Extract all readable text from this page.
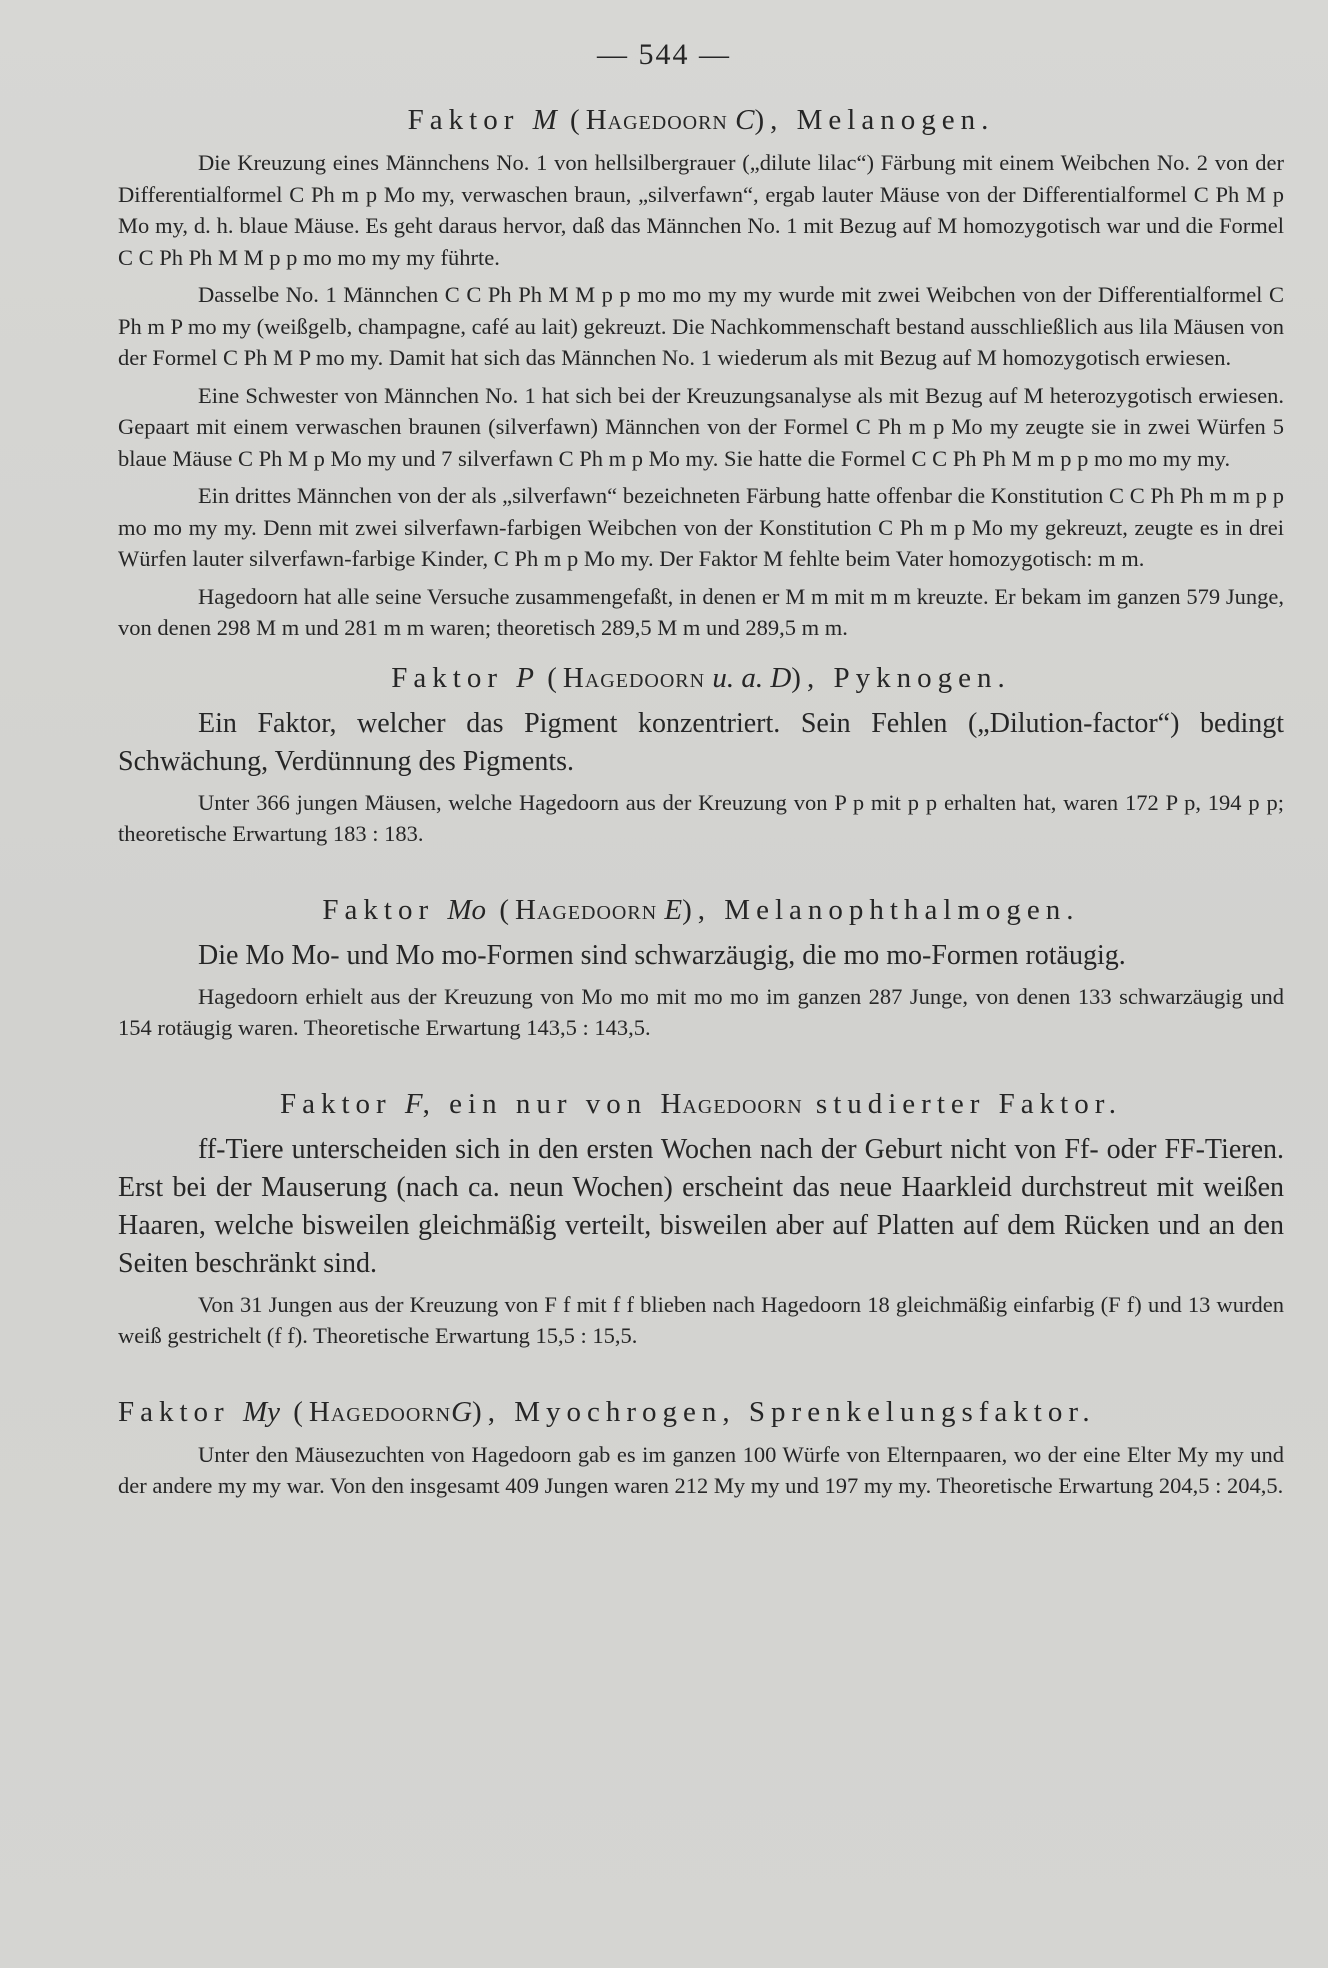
— 544 —
Faktor M (Hagedoorn C), Melanogen.

Die Kreuzung eines Männchens No. 1 von hellsilbergrauer („dilute lilac“) Färbung mit einem Weibchen No. 2 von der Differentialformel C Ph m p Mo my, verwaschen braun, „silverfawn“, ergab lauter Mäuse von der Differentialformel C Ph M p Mo my, d. h. blaue Mäuse. Es geht daraus hervor, daß das Männchen No. 1 mit Bezug auf M homozygotisch war und die Formel C C Ph Ph M M p p mo mo my my führte.

Dasselbe No. 1 Männchen C C Ph Ph M M p p mo mo my my wurde mit zwei Weibchen von der Differentialformel C Ph m P mo my (weißgelb, champagne, café au lait) gekreuzt. Die Nachkommenschaft bestand ausschließlich aus lila Mäusen von der Formel C Ph M P mo my. Damit hat sich das Männchen No. 1 wiederum als mit Bezug auf M homozygotisch erwiesen.

Eine Schwester von Männchen No. 1 hat sich bei der Kreuzungsanalyse als mit Bezug auf M heterozygotisch erwiesen. Gepaart mit einem verwaschen braunen (silverfawn) Männchen von der Formel C Ph m p Mo my zeugte sie in zwei Würfen 5 blaue Mäuse C Ph M p Mo my und 7 silverfawn C Ph m p Mo my. Sie hatte die Formel C C Ph Ph M m p p mo mo my my.

Ein drittes Männchen von der als „silverfawn“ bezeichneten Färbung hatte offenbar die Konstitution C C Ph Ph m m p p mo mo my my. Denn mit zwei silverfawn-farbigen Weibchen von der Konstitution C Ph m p Mo my gekreuzt, zeugte es in drei Würfen lauter silverfawn-farbige Kinder, C Ph m p Mo my. Der Faktor M fehlte beim Vater homozygotisch: m m.

Hagedoorn hat alle seine Versuche zusammengefaßt, in denen er M m mit m m kreuzte. Er bekam im ganzen 579 Junge, von denen 298 M m und 281 m m waren; theoretisch 289,5 M m und 289,5 m m.

Faktor P (Hagedoorn u. a. D), Pyknogen.

Ein Faktor, welcher das Pigment konzentriert. Sein Fehlen („Dilution-factor“) bedingt Schwächung, Verdünnung des Pigments.

Unter 366 jungen Mäusen, welche Hagedoorn aus der Kreuzung von P p mit p p erhalten hat, waren 172 P p, 194 p p; theoretische Erwartung 183 : 183.

Faktor Mo (Hagedoorn E), Melanophthalmogen.

Die Mo Mo- und Mo mo-Formen sind schwarzäugig, die mo mo-Formen rotäugig.

Hagedoorn erhielt aus der Kreuzung von Mo mo mit mo mo im ganzen 287 Junge, von denen 133 schwarzäugig und 154 rotäugig waren. Theoretische Erwartung 143,5 : 143,5.

Faktor F, ein nur von Hagedoorn studierter Faktor.

ff-Tiere unterscheiden sich in den ersten Wochen nach der Geburt nicht von Ff- oder FF-Tieren. Erst bei der Mauserung (nach ca. neun Wochen) erscheint das neue Haarkleid durchstreut mit weißen Haaren, welche bisweilen gleichmäßig verteilt, bisweilen aber auf Platten auf dem Rücken und an den Seiten beschränkt sind.

Von 31 Jungen aus der Kreuzung von F f mit f f blieben nach Hagedoorn 18 gleichmäßig einfarbig (F f) und 13 wurden weiß gestrichelt (f f). Theoretische Erwartung 15,5 : 15,5.

Faktor My (HagedoornG), Myochrogen, Sprenkelungsfaktor.

Unter den Mäusezuchten von Hagedoorn gab es im ganzen 100 Würfe von Elternpaaren, wo der eine Elter My my und der andere my my war. Von den insgesamt 409 Jungen waren 212 My my und 197 my my. Theoretische Erwartung 204,5 : 204,5.
